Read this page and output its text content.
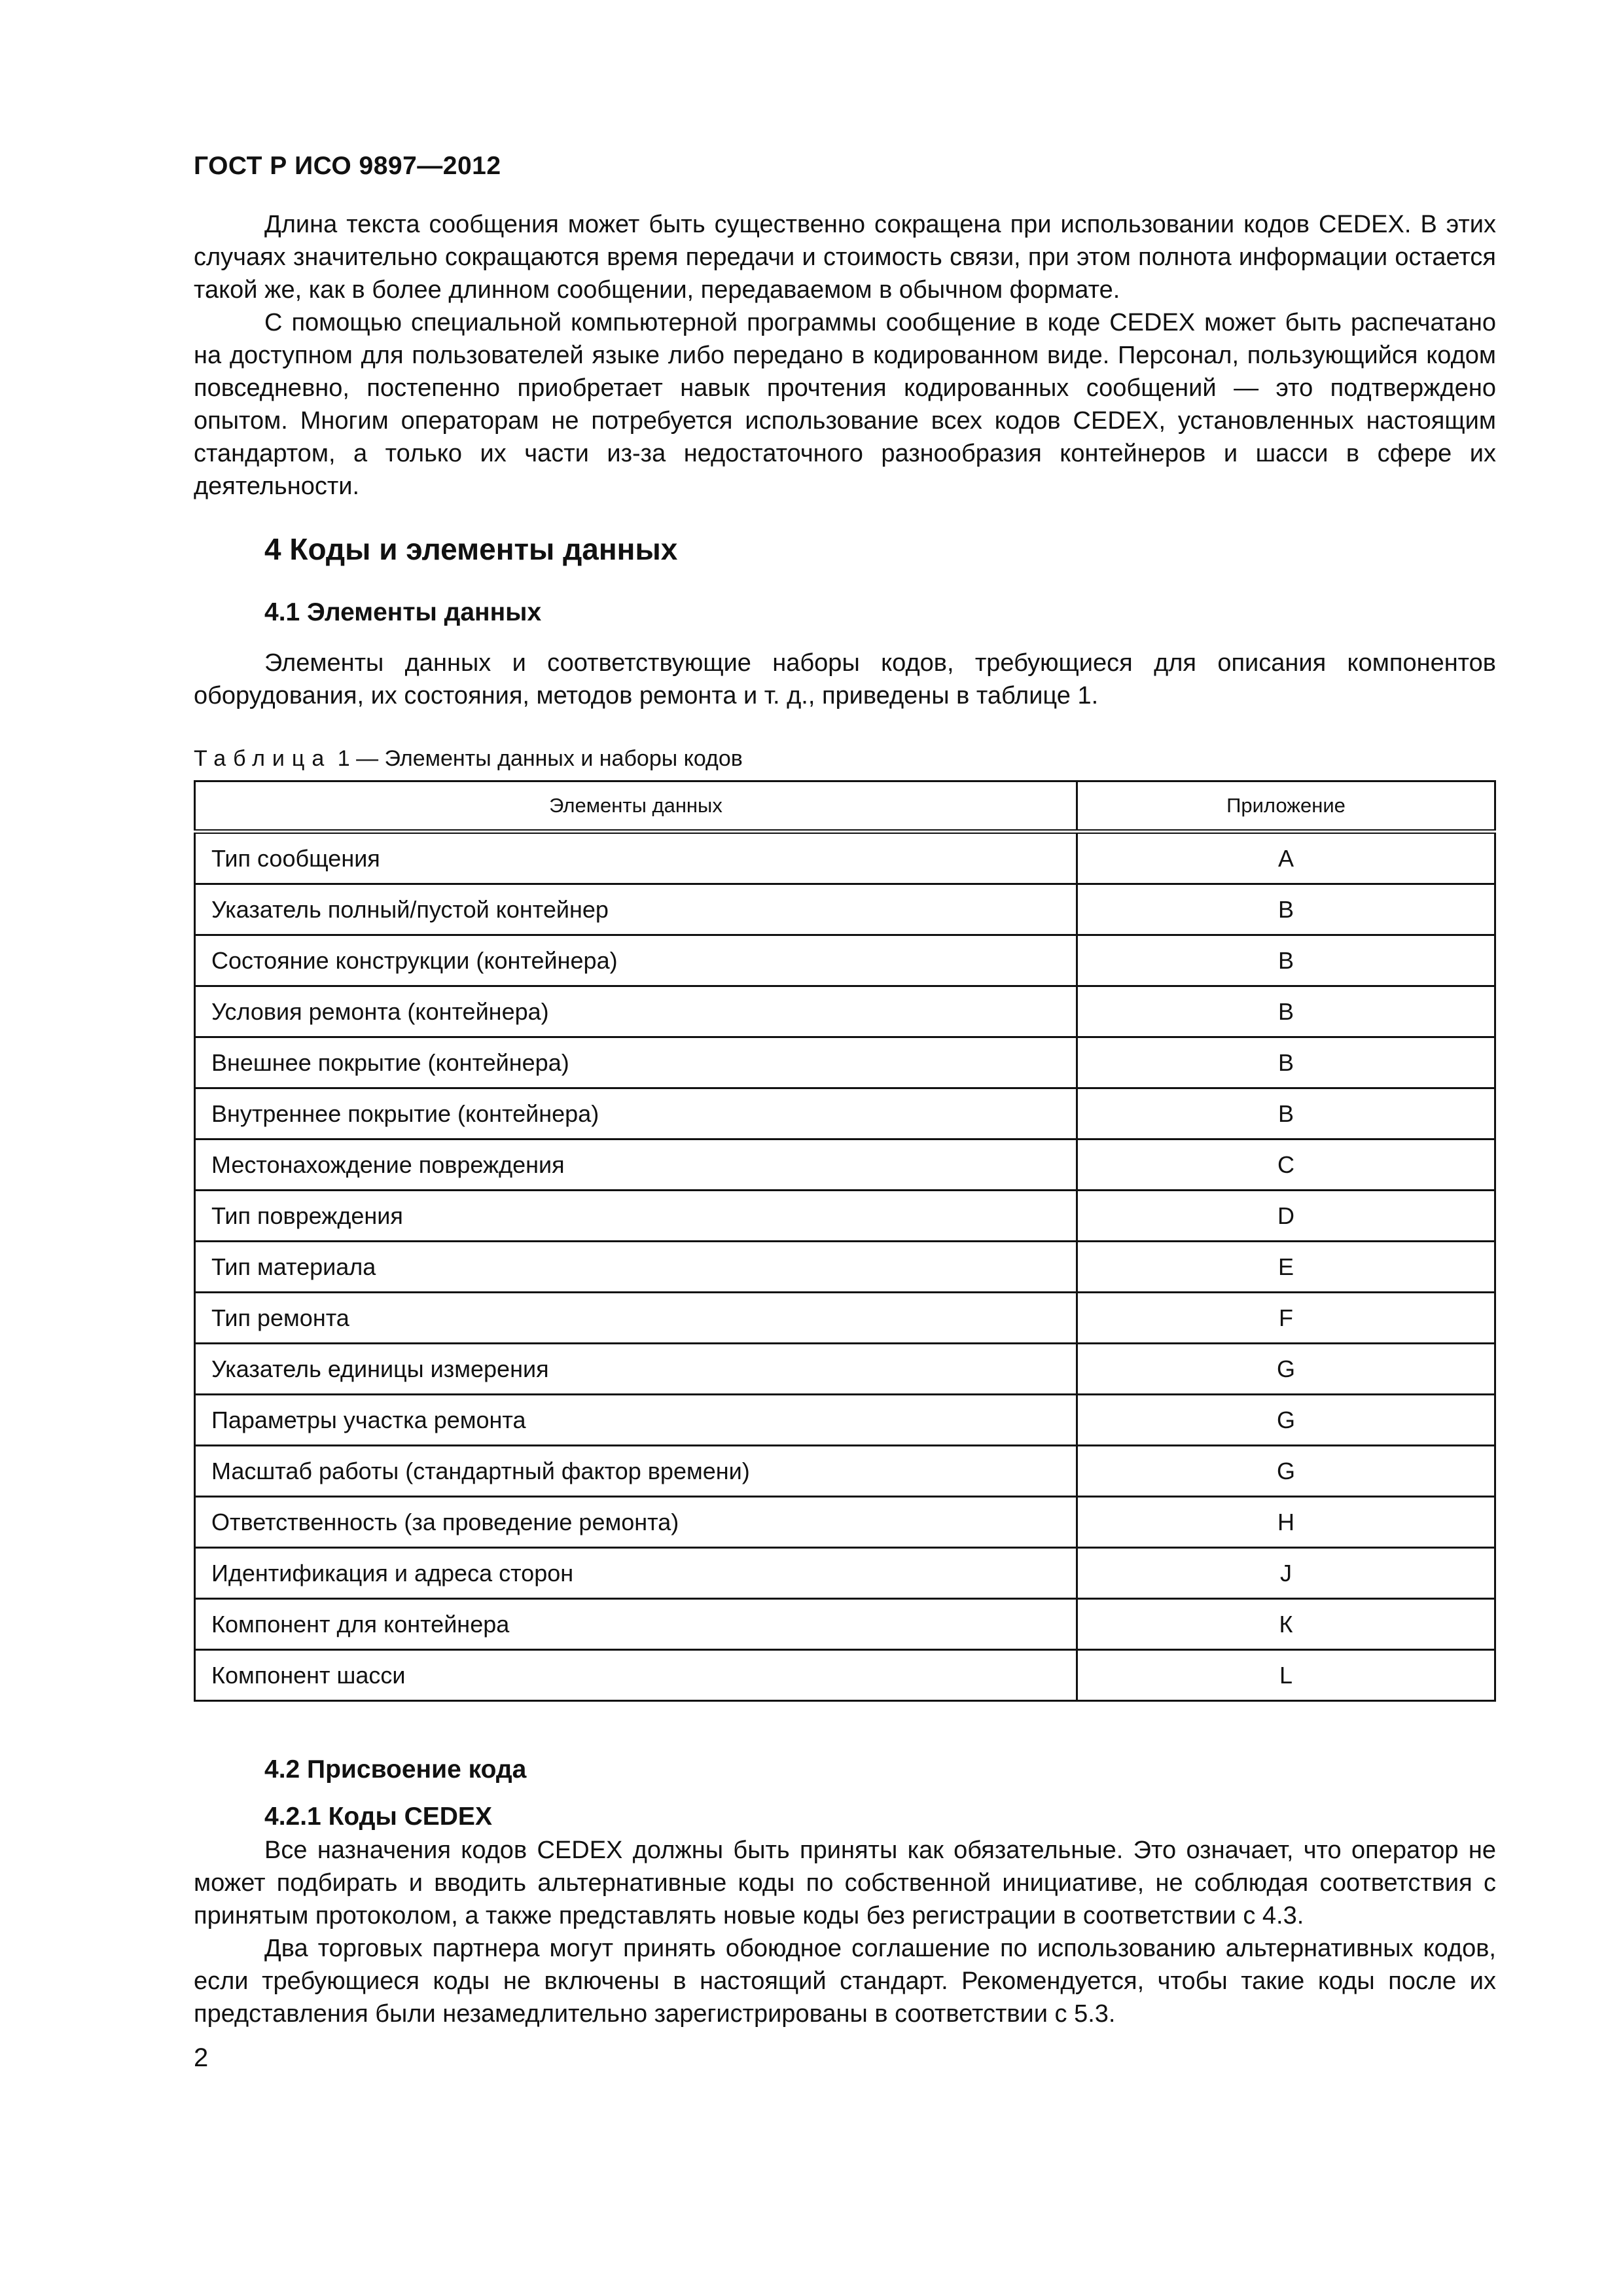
ГОСТ Р ИСО 9897—2012

Длина текста сообщения может быть существенно сокращена при использовании кодов CEDEX. В этих случаях значительно сокращаются время передачи и стоимость связи, при этом полнота информации остается такой же, как в более длинном сообщении, передаваемом в обычном формате.

С помощью специальной компьютерной программы сообщение в коде CEDEX может быть распечатано на доступном для пользователей языке либо передано в кодированном виде. Персонал, пользующийся кодом повседневно, постепенно приобретает навык прочтения кодированных сообщений — это подтверждено опытом. Многим операторам не потребуется использование всех кодов CEDEX, установленных настоящим стандартом, а только их части из-за недостаточного разнообразия контейнеров и шасси в сфере их деятельности.

4 Коды и элементы данных
4.1 Элементы данных

Элементы данных и соответствующие наборы кодов, требующиеся для описания компонентов оборудования, их состояния, методов ремонта и т. д., приведены в таблице 1.

Таблица 1 — Элементы данных и наборы кодов
Элементы данных	Приложение
Тип сообщения	A
Указатель полный/пустой контейнер	B
Состояние конструкции (контейнера)	B
Условия ремонта (контейнера)	B
Внешнее покрытие (контейнера)	B
Внутреннее покрытие (контейнера)	B
Местонахождение повреждения	C
Тип повреждения	D
Тип материала	E
Тип ремонта	F
Указатель единицы измерения	G
Параметры участка ремонта	G
Масштаб работы (стандартный фактор времени)	G
Ответственность (за проведение ремонта)	H
Идентификация и адреса сторон	J
Компонент для контейнера	К
Компонент шасси	L
4.2 Присвоение кода
4.2.1 Коды CEDEX

Все назначения кодов CEDEX должны быть приняты как обязательные. Это означает, что оператор не может подбирать и вводить альтернативные коды по собственной инициативе, не соблюдая соответствия с принятым протоколом, а также представлять новые коды без регистрации в соответствии с 4.3.

Два торговых партнера могут принять обоюдное соглашение по использованию альтернативных кодов, если требующиеся коды не включены в настоящий стандарт. Рекомендуется, чтобы такие коды после их представления были незамедлительно зарегистрированы в соответствии с 5.3.

2
